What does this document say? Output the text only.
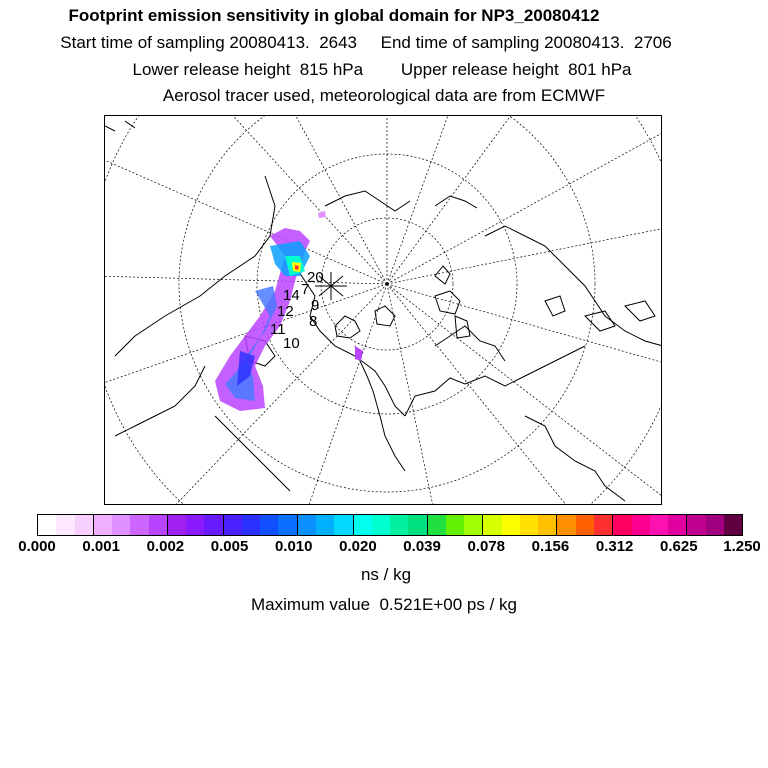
Footprint emission sensitivity in global domain for NP3_20080412
Start time of sampling 20080413.  2643     End time of sampling 20080413.  2706
Lower release height  815 hPa        Upper release height  801 hPa
Aerosol tracer used, meteorological data are from ECMWF
20
14
12
11
10
9
8
7
0.000 0.001 0.002 0.005 0.010 0.020 0.039 0.078 0.156 0.312 0.625 1.250
ns / kg
Maximum value  0.521E+00 ps / kg
